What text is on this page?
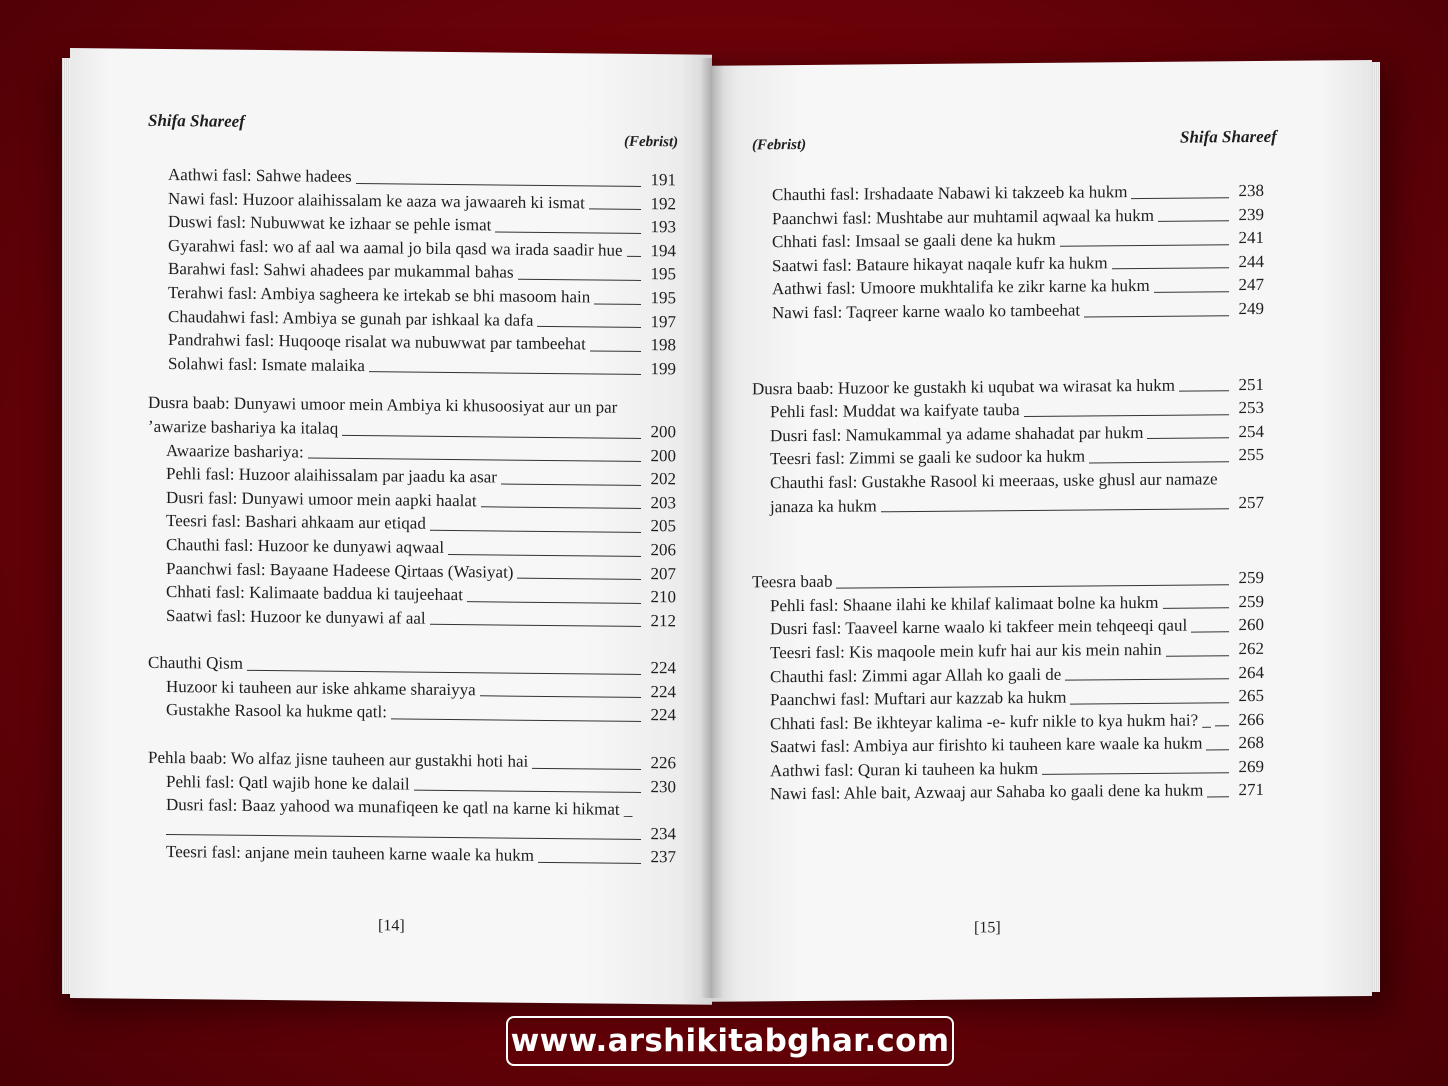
Shifa Shareef
(Febrist)
Aathwi fasl: Sahwe hadees	191
Nawi fasl: Huzoor alaihissalam ke aaza wa jawaareh ki ismat	192
Duswi fasl: Nubuwwat ke izhaar se pehle ismat	193
Gyarahwi fasl: wo af aal wa aamal jo bila qasd wa irada saadir hue 194
Barahwi fasl: Sahwi ahadees par mukammal bahas	195
Terahwi fasl: Ambiya sagheera ke irtekab se bhi masoom hain	195
Chaudahwi fasl: Ambiya se gunah par ishkaal ka dafa	197
Pandrahwi fasl: Huqooqe risalat wa nubuwwat par tambeehat	198
Solahwi fasl: Ismate malaika	199
Dusra baab: Dunyawi umoor mein Ambiya ki khusoosiyat aur un par
’awarize bashariya ka italaq	200
Awaarize bashariya:	200
Pehli fasl: Huzoor alaihissalam par jaadu ka asar	202
Dusri fasl: Dunyawi umoor mein aapki haalat	203
Teesri fasl: Bashari ahkaam aur etiqad	205
Chauthi fasl: Huzoor ke dunyawi aqwaal	206
Paanchwi fasl: Bayaane Hadeese Qirtaas (Wasiyat)	207
Chhati fasl: Kalimaate baddua ki taujeehaat	210
Saatwi fasl: Huzoor ke dunyawi af aal	212
Chauthi Qism	224
Huzoor ki tauheen aur iske ahkame sharaiyya	224
Gustakhe Rasool ka hukme qatl:	224
Pehla baab: Wo alfaz jisne tauheen aur gustakhi hoti hai	226
Pehli fasl: Qatl wajib hone ke dalail	230
Dusri fasl: Baaz yahood wa munafiqeen ke qatl na karne ki hikmat _
234
Teesri fasl: anjane mein tauheen karne waale ka hukm	237
[14]
(Febrist)	Shifa Shareef
Chauthi fasl: Irshadaate Nabawi ki takzeeb ka hukm	238
Paanchwi fasl: Mushtabe aur muhtamil aqwaal ka hukm	239
Chhati fasl: Imsaal se gaali dene ka hukm	241
Saatwi fasl: Bataure hikayat naqale kufr ka hukm	244
Aathwi fasl: Umoore mukhtalifa ke zikr karne ka hukm	247
Nawi fasl: Taqreer karne waalo ko tambeehat	249
Dusra baab: Huzoor ke gustakh ki uqubat wa wirasat ka hukm	251
Pehli fasl: Muddat wa kaifyate tauba	253
Dusri fasl: Namukammal ya adame shahadat par hukm	254
Teesri fasl: Zimmi se gaali ke sudoor ka hukm	255
Chauthi fasl: Gustakhe Rasool ki meeraas, uske ghusl aur namaze
janaza ka hukm	257
Teesra baab	259
Pehli fasl: Shaane ilahi ke khilaf kalimaat bolne ka hukm	259
Dusri fasl: Taaveel karne waalo ki takfeer mein tehqeeqi qaul	260
Teesri fasl: Kis maqoole mein kufr hai aur kis mein nahin	262
Chauthi fasl: Zimmi agar Allah ko gaali de	264
Paanchwi fasl: Muftari aur kazzab ka hukm	265
Chhati fasl: Be ikhteyar kalima -e- kufr nikle to kya hukm hai? _ 266
Saatwi fasl: Ambiya aur firishto ki tauheen kare waale ka hukm 268
Aathwi fasl: Quran ki tauheen ka hukm	269
Nawi fasl: Ahle bait, Azwaaj aur Sahaba ko gaali dene ka hukm 271
[15]
www.arshikitabghar.com
